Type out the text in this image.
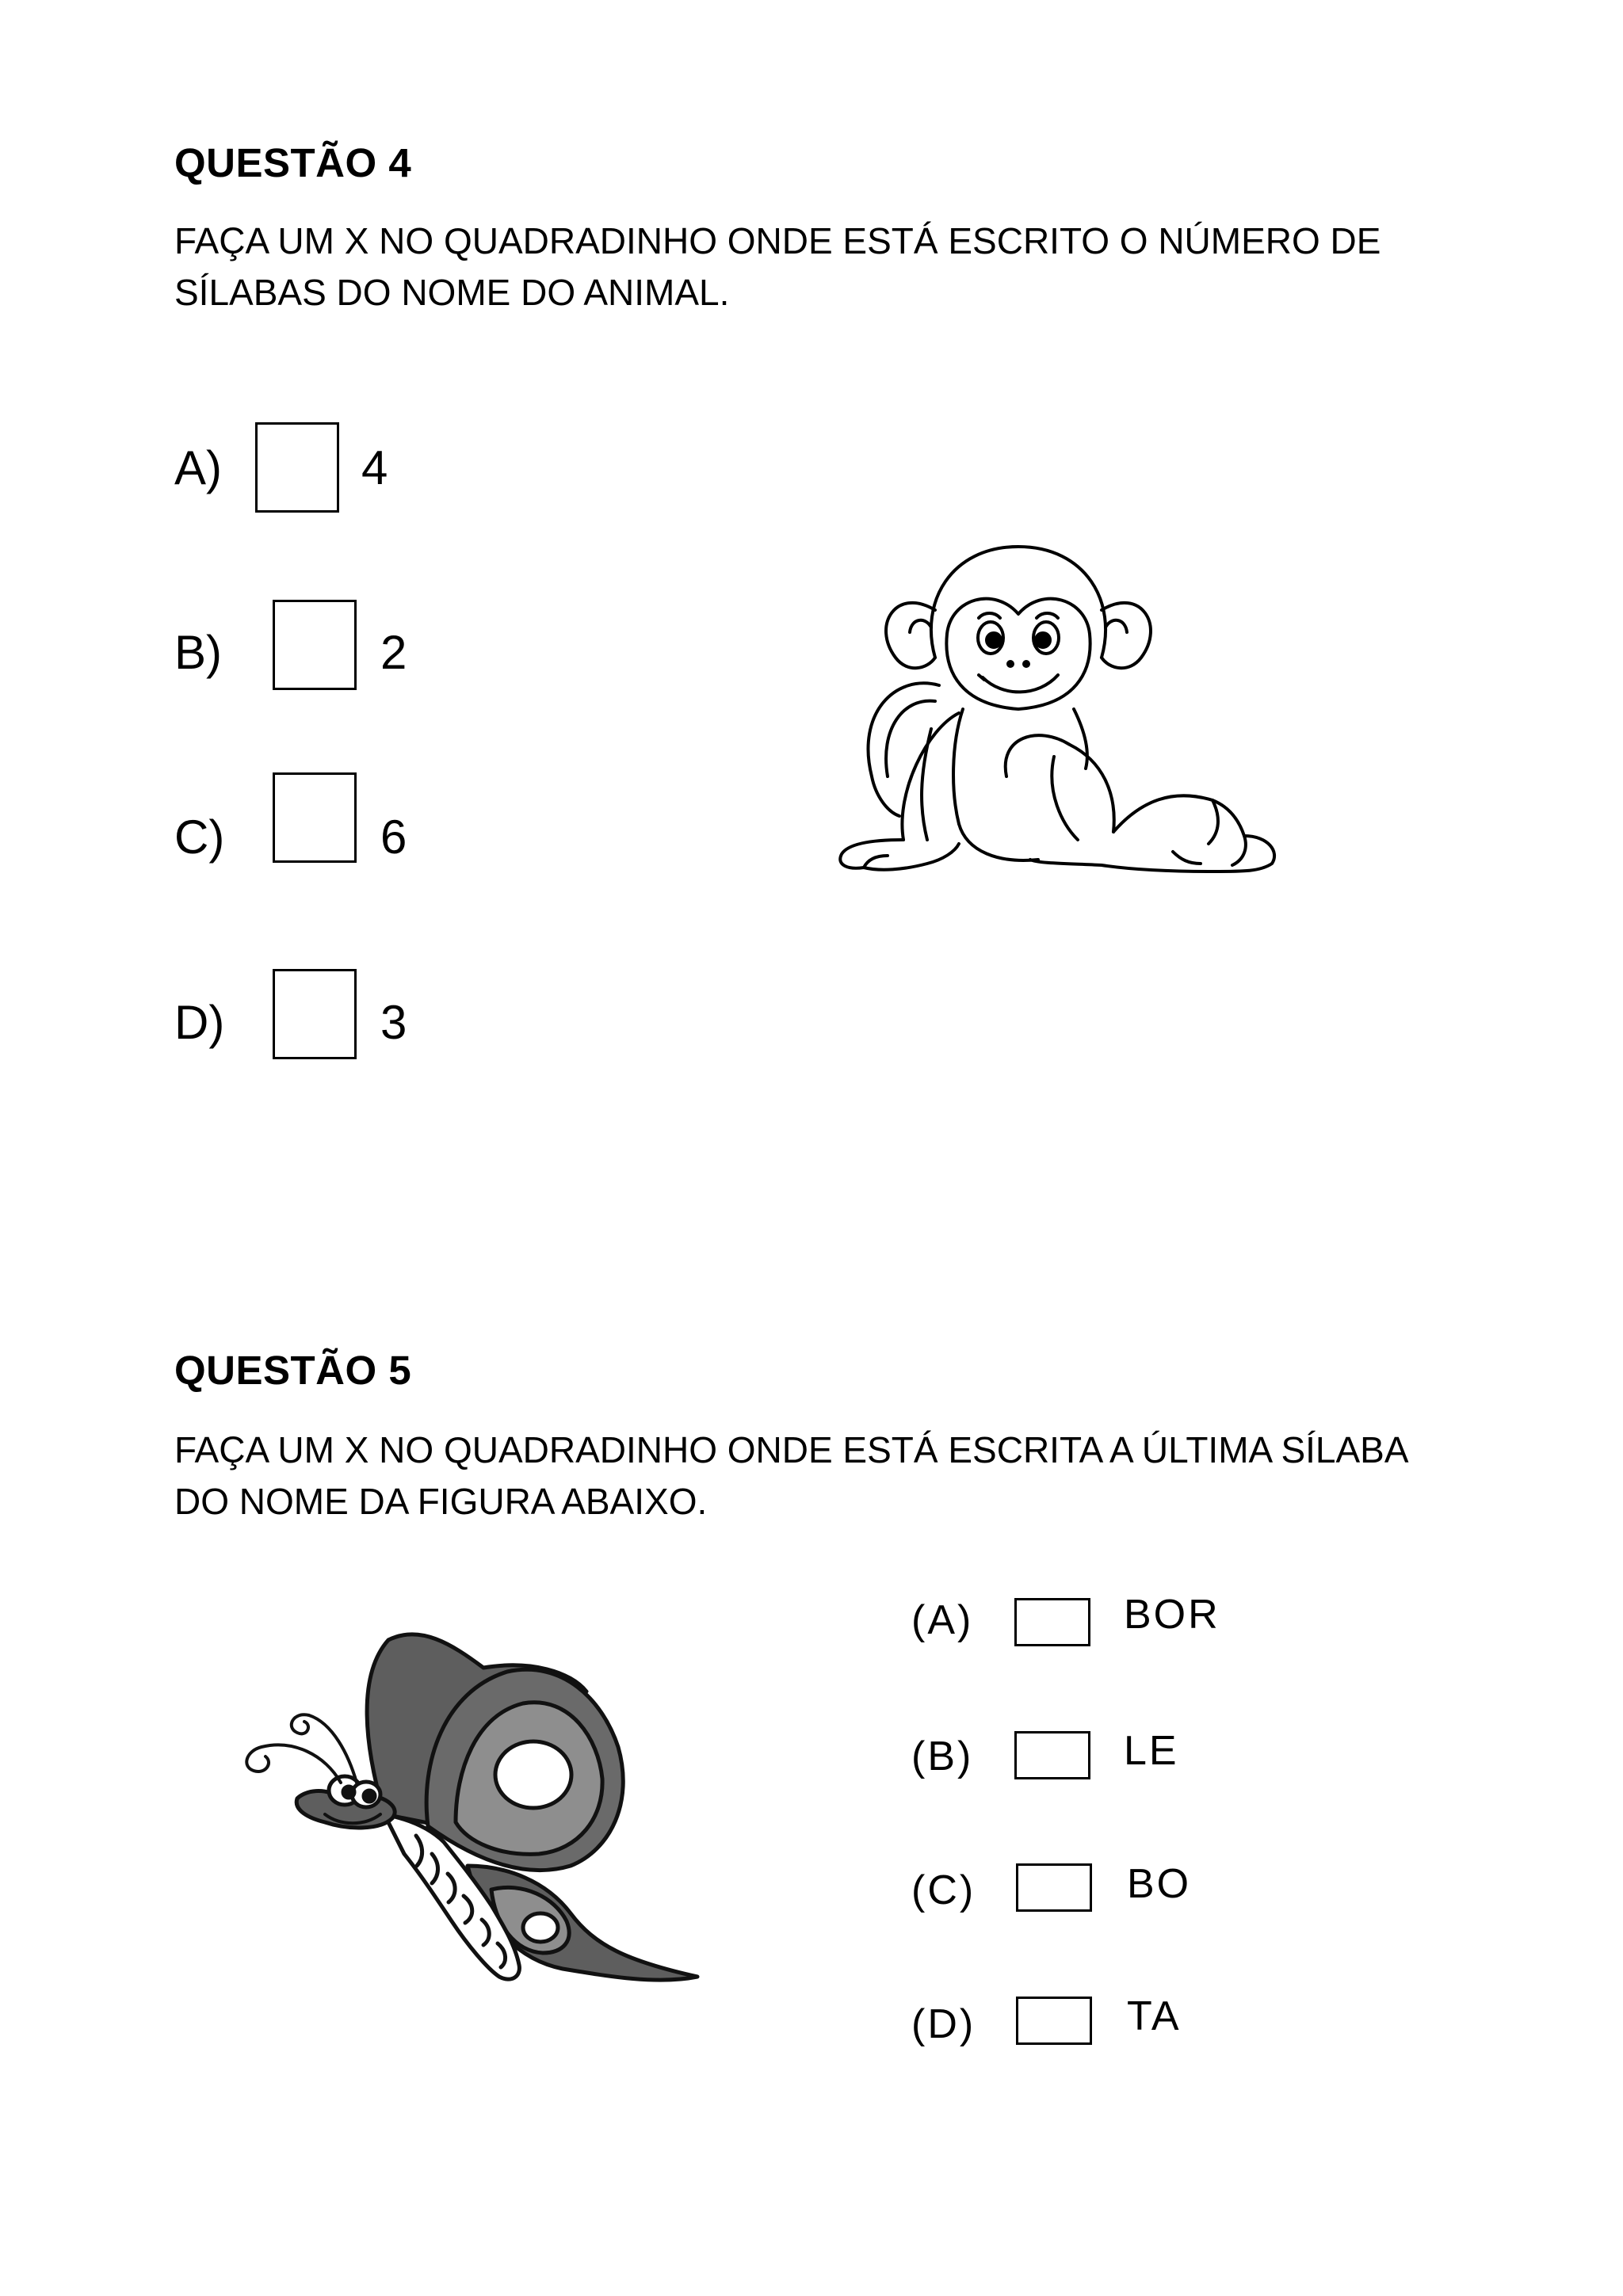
QUESTÃO 4
FAÇA UM X NO QUADRADINHO ONDE ESTÁ ESCRITO O NÚMERO DE
SÍLABAS DO NOME DO ANIMAL.
A)	4
B)	2
C)	6
D)	3
QUESTÃO 5
FAÇA UM X NO QUADRADINHO ONDE ESTÁ ESCRITA A ÚLTIMA SÍLABA
DO NOME DA FIGURA ABAIXO.
(A)	BOR
(B)	LE
(C)	BO
(D)	TA
